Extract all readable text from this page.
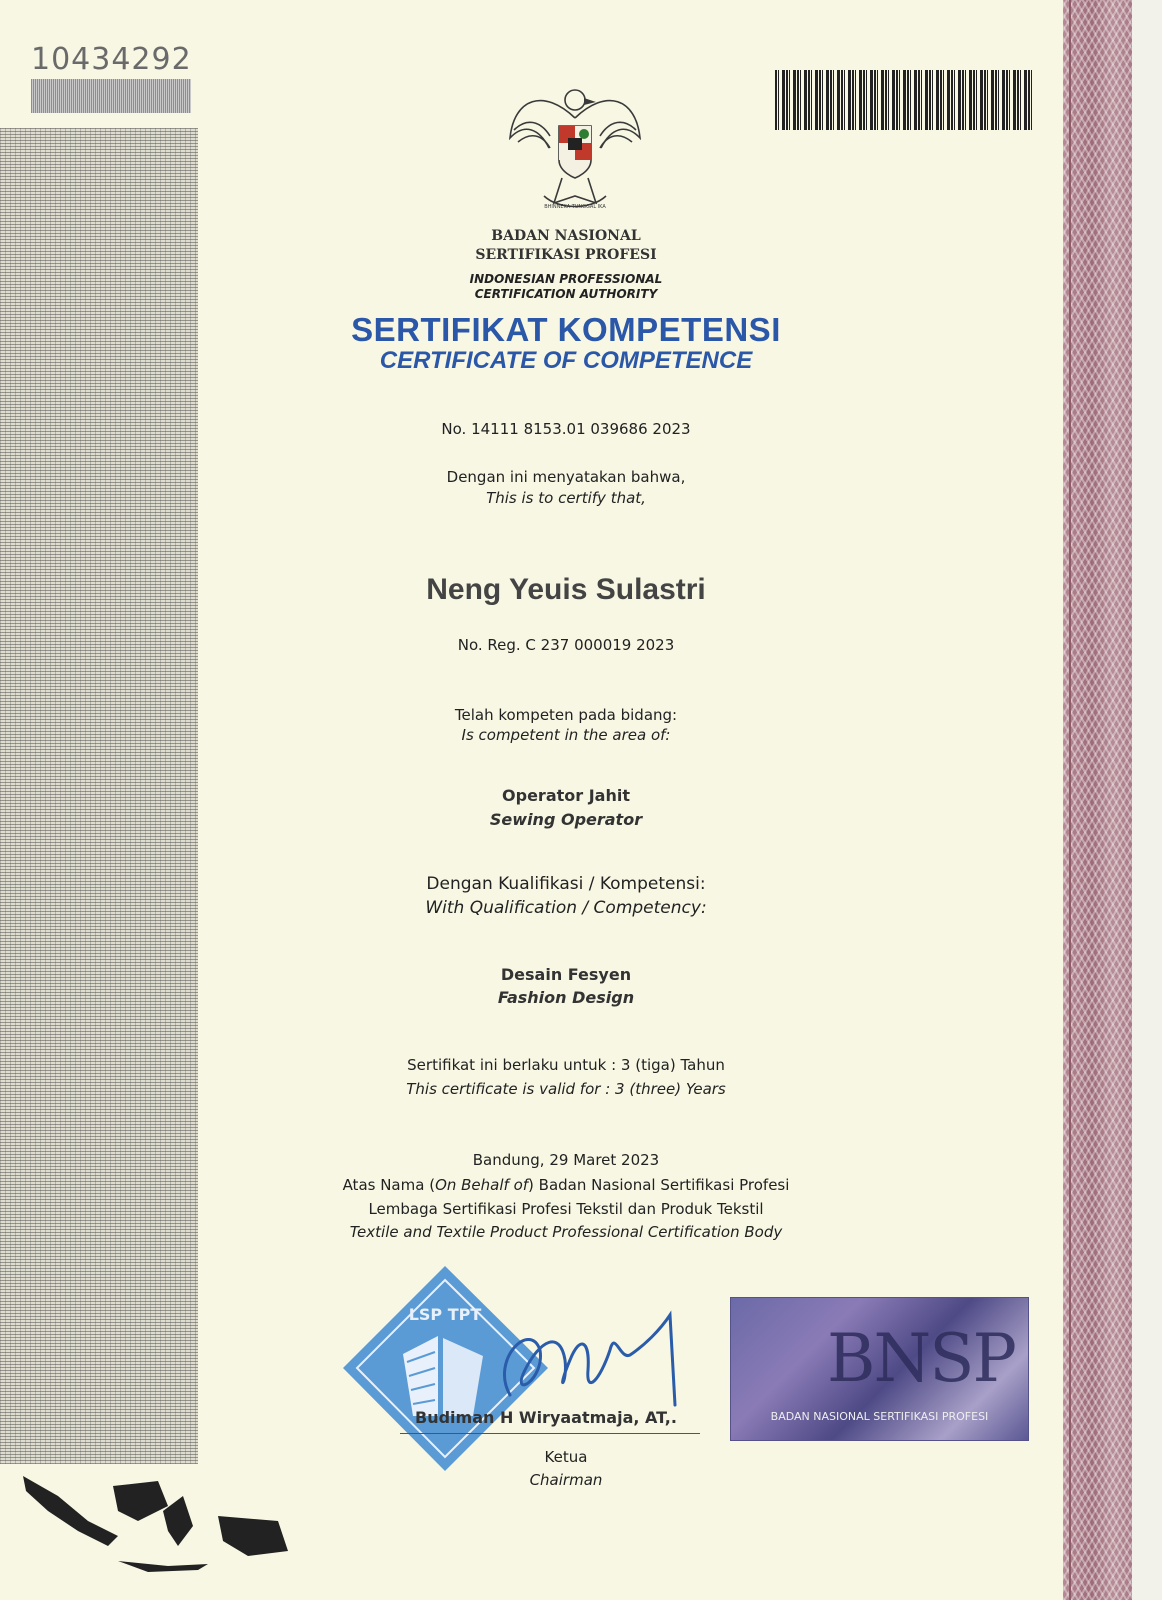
10434292
BHINNEKA TUNGGAL IKA
BADAN NASIONAL
SERTIFIKASI PROFESI
INDONESIAN PROFESSIONAL
CERTIFICATION AUTHORITY
SERTIFIKAT KOMPETENSI
CERTIFICATE OF COMPETENCE
No. 14111 8153.01 039686 2023
Dengan ini menyatakan bahwa,
This is to certify that,
Neng Yeuis Sulastri
No. Reg. C 237 000019 2023
Telah kompeten pada bidang:
Is competent in the area of:
Operator Jahit
Sewing Operator
Dengan Kualifikasi / Kompetensi:
With Qualification / Competency:
Desain Fesyen
Fashion Design
Sertifikat ini berlaku untuk : 3 (tiga) Tahun
This certificate is valid for : 3 (three) Years
Bandung, 29 Maret 2023
Atas Nama (On Behalf of) Badan Nasional Sertifikasi Profesi
Lembaga Sertifikasi Profesi Tekstil dan Produk Tekstil
Textile and Textile Product Professional Certification Body
LSP TPT
Budiman H Wiryaatmaja, AT,.
Ketua
Chairman
BNSP
BADAN NASIONAL SERTIFIKASI PROFESI
